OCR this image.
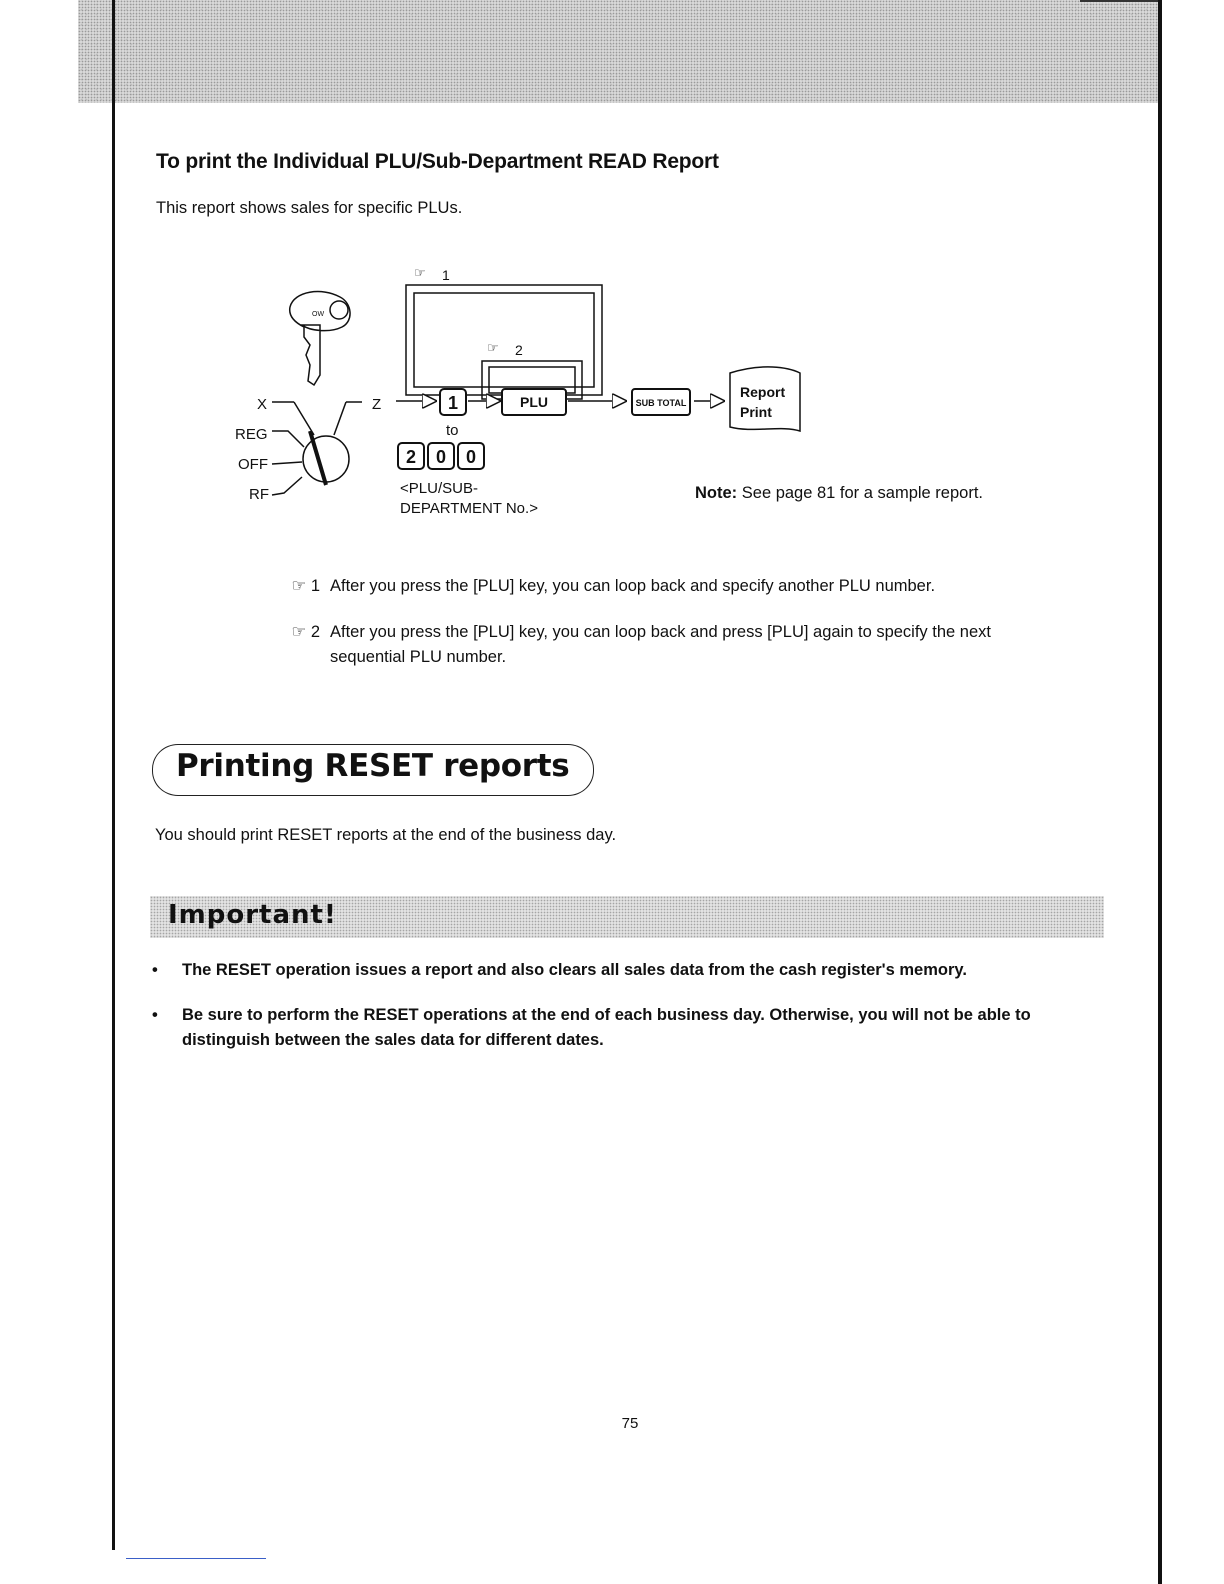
To print the Individual PLU/Sub-Department READ Report
This report shows sales for specific PLUs.
OW
X
REG
OFF
RF
Z
☞ 1
☞ 2
1	PLU	SUB TOTAL
to
2 0 0
<PLU/SUB-
DEPARTMENT No.>
Report
Print
Note: See page 81 for a sample report.
☞ 1 After you press the [PLU] key, you can loop back and specify another PLU number.
☞ 2 After you press the [PLU] key, you can loop back and press [PLU] again to specify the next sequential PLU number.
Printing RESET reports
You should print RESET reports at the end of the business day.
Important!
•	The RESET operation issues a report and also clears all sales data from the cash register's memory.
•	Be sure to perform the RESET operations at the end of each business day. Otherwise, you will not be able to distinguish between the sales data for different dates.
75
